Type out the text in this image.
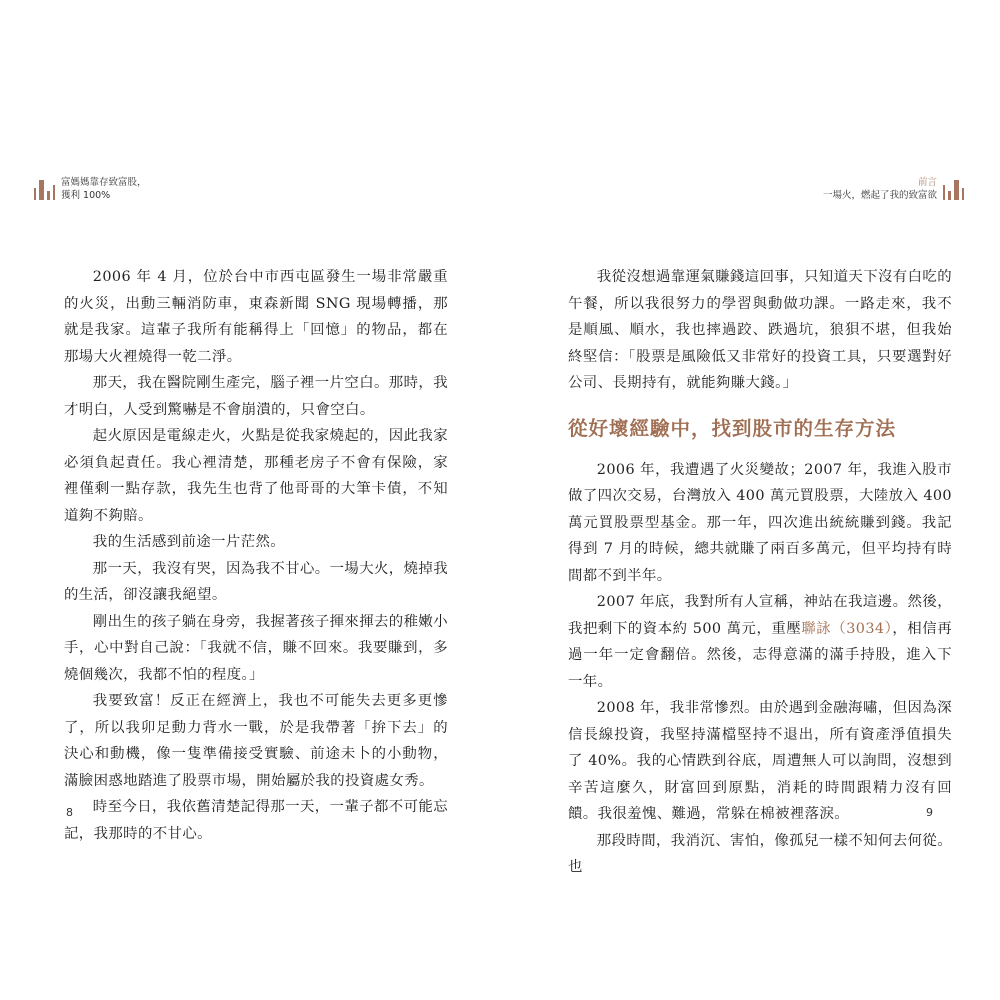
富媽媽靠存致富股，
獲利 100%

2006 年 4 月，位於台中市西屯區發生一場非常嚴重的火災，出動三輛消防車，東森新聞 SNG 現場轉播，那就是我家。這輩子我所有能稱得上「回憶」的物品，都在那場大火裡燒得一乾二淨。

那天，我在醫院剛生產完，腦子裡一片空白。那時，我才明白，人受到驚嚇是不會崩潰的，只會空白。

起火原因是電線走火，火點是從我家燒起的，因此我家必須負起責任。我心裡清楚，那種老房子不會有保險，家裡僅剩一點存款，我先生也背了他哥哥的大筆卡債，不知道夠不夠賠。

我的生活感到前途一片茫然。

那一天，我沒有哭，因為我不甘心。一場大火，燒掉我的生活，卻沒讓我絕望。

剛出生的孩子躺在身旁，我握著孩子揮來揮去的稚嫩小手，心中對自己說：「我就不信，賺不回來。我要賺到，多燒個幾次，我都不怕的程度。」

我要致富！反正在經濟上，我也不可能失去更多更慘了，所以我卯足動力背水一戰，於是我帶著「拚下去」的決心和動機，像一隻準備接受實驗、前途未卜的小動物，滿臉困惑地踏進了股票市場，開始屬於我的投資處女秀。

時至今日，我依舊清楚記得那一天，一輩子都不可能忘記，我那時的不甘心。

8
前言
一場火，燃起了我的致富欲

我從沒想過靠運氣賺錢這回事，只知道天下沒有白吃的午餐，所以我很努力的學習與動做功課。一路走來，我不是順風、順水，我也摔過跤、跌過坑，狼狽不堪，但我始終堅信：「股票是風險低又非常好的投資工具，只要選對好公司、長期持有，就能夠賺大錢。」

從好壞經驗中，找到股市的生存方法

2006 年，我遭遇了火災變故；2007 年，我進入股市做了四次交易，台灣放入 400 萬元買股票，大陸放入 400 萬元買股票型基金。那一年，四次進出統統賺到錢。我記得到 7 月的時候，總共就賺了兩百多萬元，但平均持有時間都不到半年。

2007 年底，我對所有人宣稱，神站在我這邊。然後，我把剩下的資本約 500 萬元，重壓聯詠（3034），相信再過一年一定會翻倍。然後，志得意滿的滿手持股，進入下一年。

2008 年，我非常慘烈。由於遇到金融海嘯，但因為深信長線投資，我堅持滿檔堅持不退出，所有資產淨值損失了 40%。我的心情跌到谷底，周遭無人可以詢問，沒想到辛苦這麼久，財富回到原點，消耗的時間跟精力沒有回饋。我很羞愧、難過，常躲在棉被裡落淚。

那段時間，我消沉、害怕，像孤兒一樣不知何去何從。也

9
